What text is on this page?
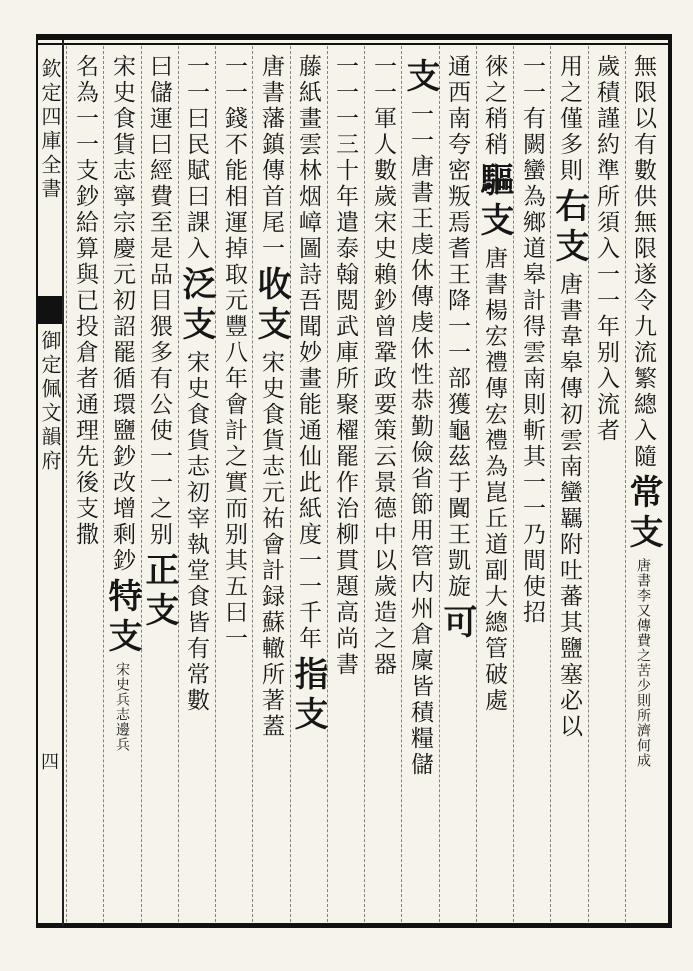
欽定四庫全書
御定佩文韻府
四
無限以有數供無限遂令九流繁總入隨常支唐書李又傳費之苦少則所濟何成
歲積謹約準所須入一一年别入流者
用之僅多則右支唐書韋皋傳初雲南蠻羈附吐蕃其鹽塞必以
一一有闕蠻為鄉道皋計得雲南則斬其一一乃間使招
徠之稍稍驅支唐書楊宏禮傳宏禮為崑丘道副大總管破處
通西南夸密叛焉耆王降一一部獲龜茲于闐王凱旋可
支一一唐書王虔休傳虔休性恭勤儉省節用管内州倉廩皆積糧儲
一一軍人數歲宋史賴鈔曾鞏政要策云景德中以歲造之器
一一一三十年遣泰翰閲武庫所聚櫂罷作治柳貫題高尚書
藤紙畫雲林烟嶂圖詩吾聞妙畫能通仙此紙度一一千年指支
唐書藩鎮傳首尾一收支宋史食貨志元祐會計録蘇轍所著蓋
一一錢不能相運掉取元豐八年會計之實而别其五曰一
一一曰民賦曰課入泛支宋史食貨志初宰執堂食皆有常數
曰儲運曰經費至是品目猥多有公使一一之别正支
宋史食貨志寧宗慶元初詔罷循環鹽鈔改增剩鈔特支宋史兵志邊兵
名為一一支鈔給算與已投倉者通理先後支撒
